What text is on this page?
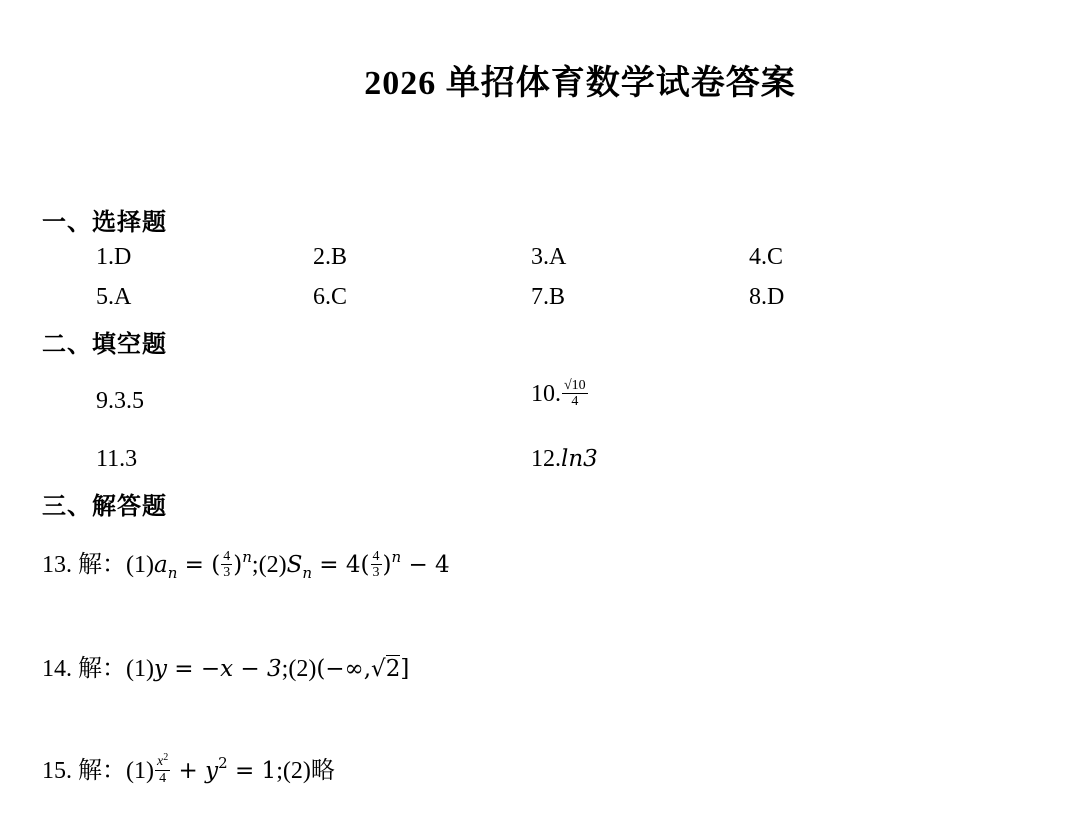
2026 单招体育数学试卷答案
一、选择题
1.D	2.B	3.A	4.C
5.A	6.C	7.B	8.D
二、填空题
9.3.5	10. $\frac{√10}{4}$
11.3	12.ln3
三、解答题
13. 解：$(1)a_n$ = ( $\frac{4}{3}$ )$^n;(2)S_n = 4( \frac{4}{3} )^n - 4$
14. 解：(1)y = −x − 3;(2)(−∞,√2]
15. 解：$(1) \frac{x^2}{4} + y^2$ = 1;(2)略
